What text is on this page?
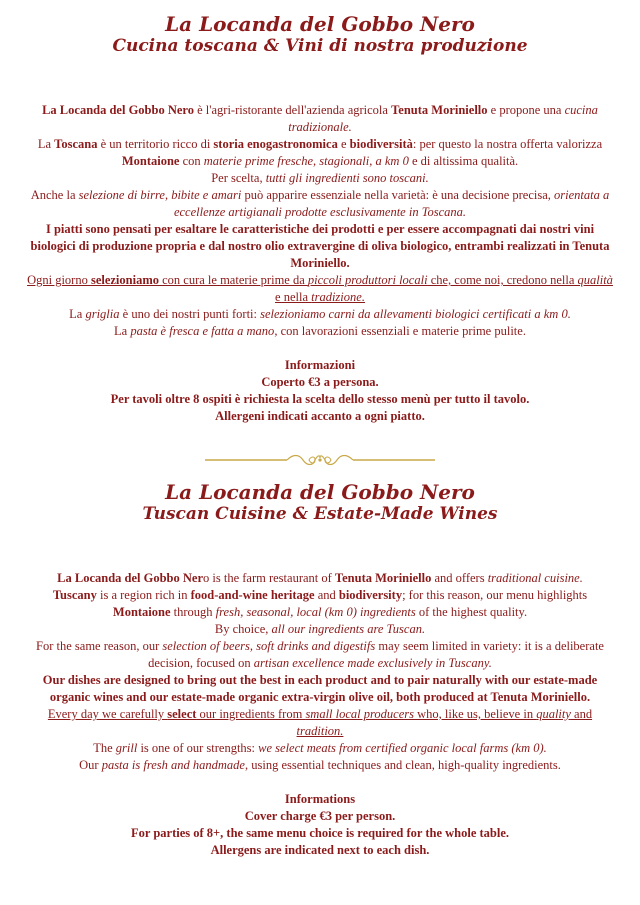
La Locanda del Gobbo Nero
Cucina toscana & Vini di nostra produzione

La Locanda del Gobbo Nero è l'agri-ristorante dell'azienda agricola Tenuta Moriniello e propone una cucina tradizionale.

La Toscana è un territorio ricco di storia enogastronomica e biodiversità: per questo la nostra offerta valorizza Montaione con materie prime fresche, stagionali, a km 0 e di altissima qualità.

Per scelta, tutti gli ingredienti sono toscani.

Anche la selezione di birre, bibite e amari può apparire essenziale nella varietà: è una decisione precisa, orientata a eccellenze artigianali prodotte esclusivamente in Toscana.

I piatti sono pensati per esaltare le caratteristiche dei prodotti e per essere accompagnati dai nostri vini biologici di produzione propria e dal nostro olio extravergine di oliva biologico, entrambi realizzati in Tenuta Moriniello.

Ogni giorno selezioniamo con cura le materie prime da piccoli produttori locali che, come noi, credono nella qualità e nella tradizione.

La griglia è uno dei nostri punti forti: selezioniamo carni da allevamenti biologici certificati a km 0.

La pasta è fresca e fatta a mano, con lavorazioni essenziali e materie prime pulite.

Informazioni

Coperto €3 a persona.

Per tavoli oltre 8 ospiti è richiesta la scelta dello stesso menù per tutto il tavolo.

Allergeni indicati accanto a ogni piatto.

La Locanda del Gobbo Nero
Tuscan Cuisine & Estate-Made Wines

La Locanda del Gobbo Nero is the farm restaurant of Tenuta Moriniello and offers traditional cuisine.

Tuscany is a region rich in food-and-wine heritage and biodiversity; for this reason, our menu highlights Montaione through fresh, seasonal, local (km 0) ingredients of the highest quality.

By choice, all our ingredients are Tuscan.

For the same reason, our selection of beers, soft drinks and digestifs may seem limited in variety: it is a deliberate decision, focused on artisan excellence made exclusively in Tuscany.

Our dishes are designed to bring out the best in each product and to pair naturally with our estate-made organic wines and our estate-made organic extra-virgin olive oil, both produced at Tenuta Moriniello.

Every day we carefully select our ingredients from small local producers who, like us, believe in quality and tradition.

The grill is one of our strengths: we select meats from certified organic local farms (km 0).

Our pasta is fresh and handmade, using essential techniques and clean, high-quality ingredients.

Informations

Cover charge €3 per person.

For parties of 8+, the same menu choice is required for the whole table.

Allergens are indicated next to each dish.
